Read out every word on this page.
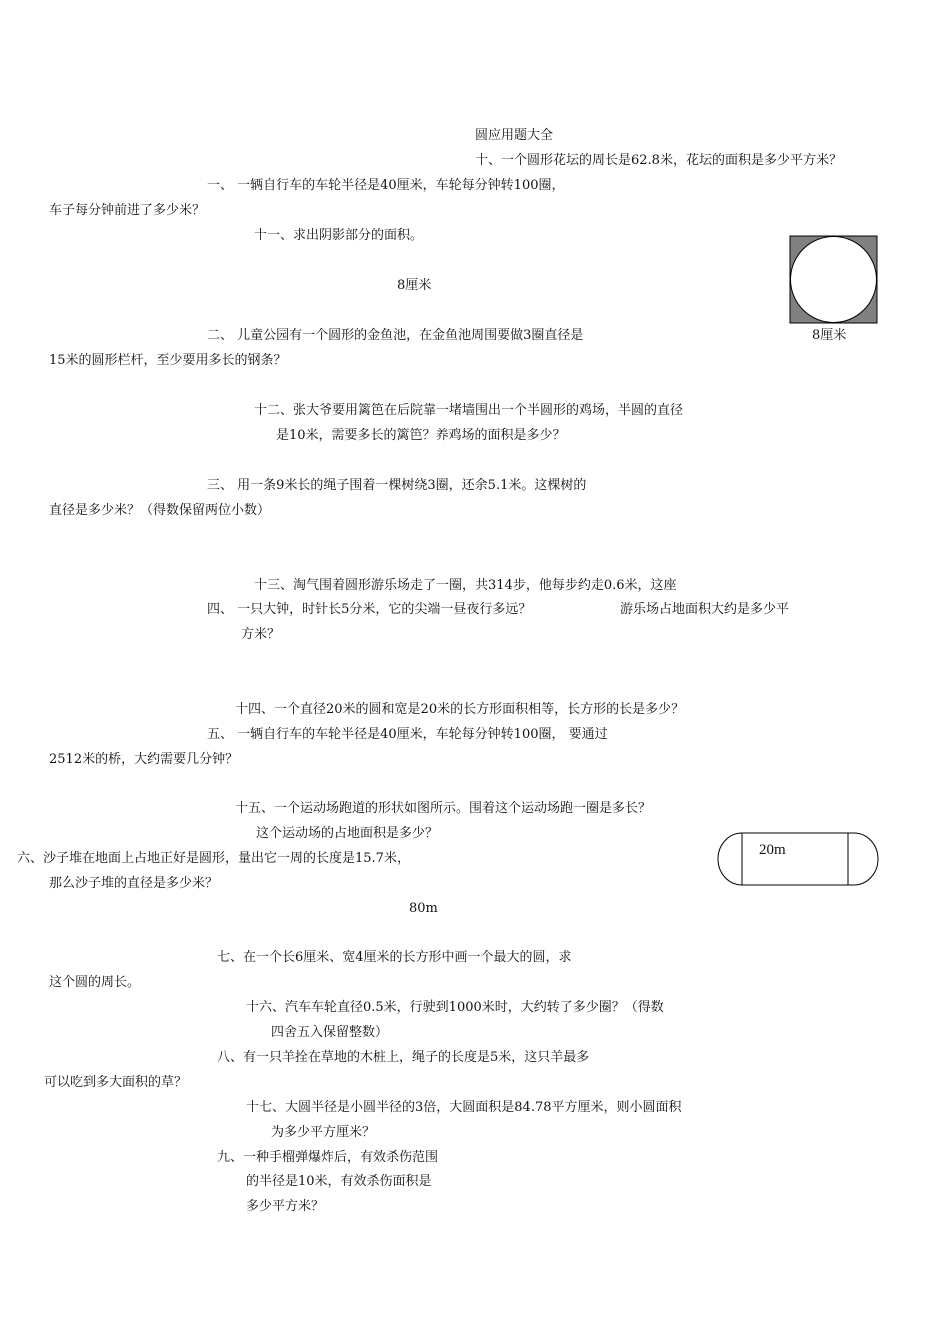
圆应用题大全
十、一个圆形花坛的周长是62.8米，花坛的面积是多少平方米？
一、 一辆自行车的车轮半径是40厘米，车轮每分钟转100圈，
车子每分钟前进了多少米？
十一、求出阴影部分的面积。
8厘米
8厘米
二、 儿童公园有一个圆形的金鱼池，在金鱼池周围要做3圈直径是
15米的圆形栏杆，至少要用多长的钢条？
十二、张大爷要用篱笆在后院靠一堵墙围出一个半圆形的鸡场，半圆的直径
是10米，需要多长的篱笆？养鸡场的面积是多少？
三、 用一条9米长的绳子围着一棵树绕3圈，还余5.1米。这棵树的
直径是多少米？（得数保留两位小数）
十三、淘气围着圆形游乐场走了一圈，共314步，他每步约走0.6米，这座
四、 一只大钟，时针长5分米，它的尖端一昼夜行多远？	游乐场占地面积大约是多少平
方米？
十四、一个直径20米的圆和宽是20米的长方形面积相等，长方形的长是多少？
五、 一辆自行车的车轮半径是40厘米，车轮每分钟转100圈， 要通过
2512米的桥，大约需要几分钟？
十五、一个运动场跑道的形状如图所示。围着这个运动场跑一圈是多长？
这个运动场的占地面积是多少？
20m
六、沙子堆在地面上占地正好是圆形，量出它一周的长度是15.7米，
那么沙子堆的直径是多少米？
80m
七、在一个长6厘米、宽4厘米的长方形中画一个最大的圆，求
这个圆的周长。
十六、汽车车轮直径0.5米，行驶到1000米时，大约转了多少圈？（得数
四舍五入保留整数）
八、有一只羊拴在草地的木桩上，绳子的长度是5米，这只羊最多
可以吃到多大面积的草？
十七、大圆半径是小圆半径的3倍，大圆面积是84.78平方厘米，则小圆面积
为多少平方厘米？
九、一种手榴弹爆炸后，有效杀伤范围
的半径是10米，有效杀伤面积是
多少平方米？
